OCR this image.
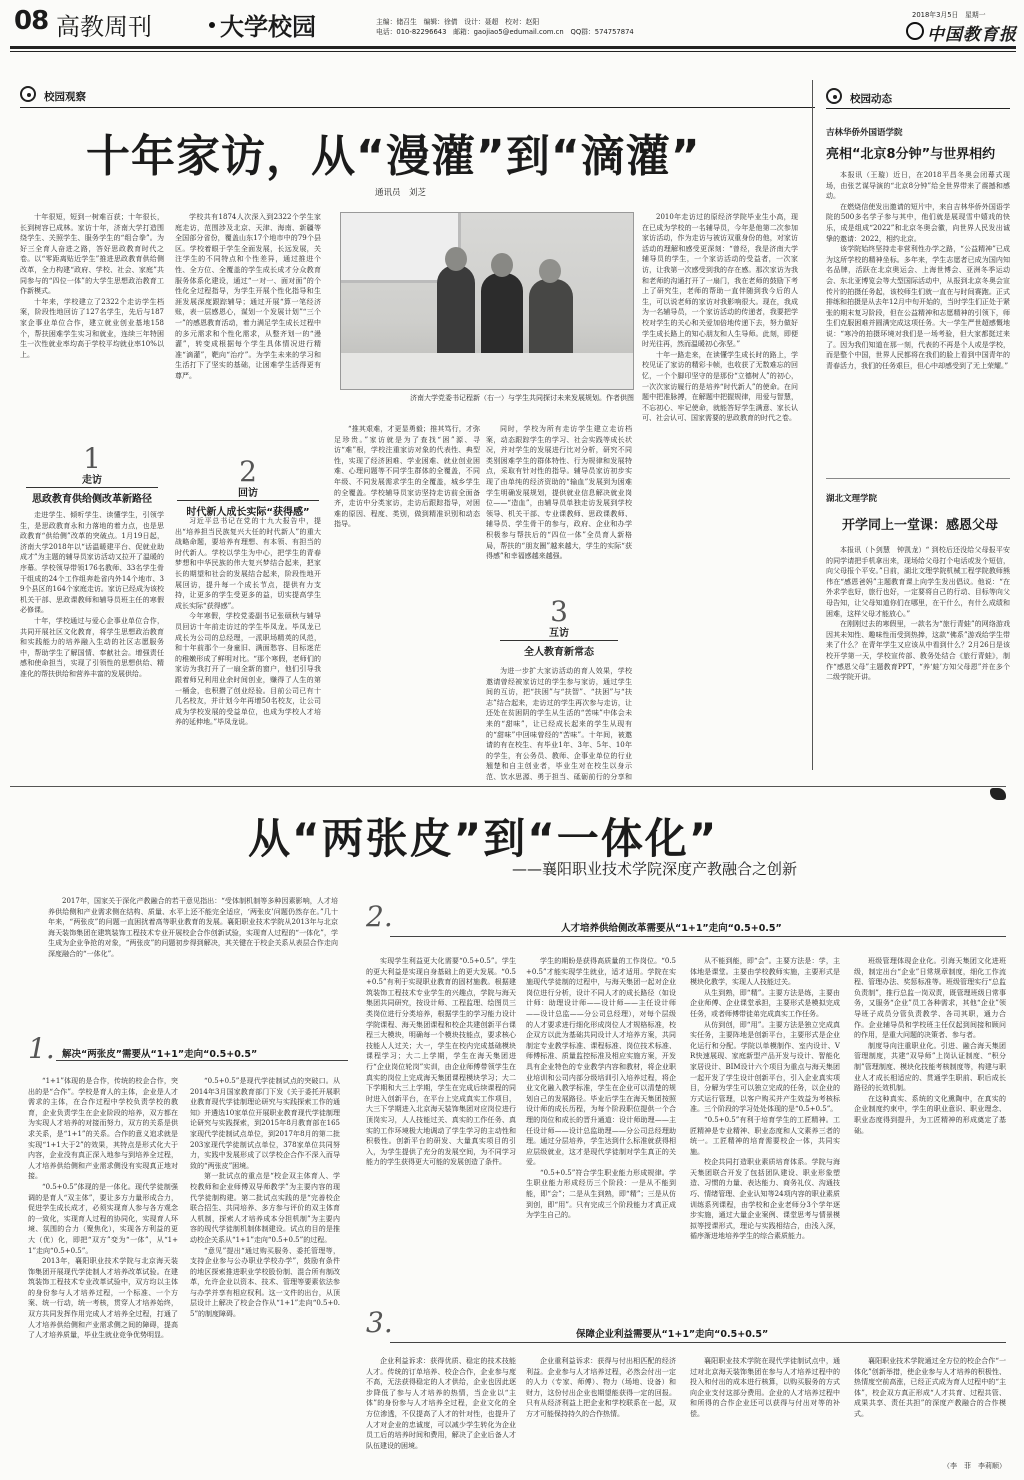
08 高教周刊	大学校园	主编：储召生　编辑：徐倩　设计：聂超　校对：赵阳
电话：010-82296643　邮箱：gaojiao5@edumail.com.cn　QQ群：574757874
2018年3月5日　星期一
中国教育报
校园观察
十年家访，从“漫灌”到“滴灌”
通讯员　刘芝

十年很短，短到一树难百获；十年很长，长到树容已成林。家访十年，济南大学打造围绕学生、关照学生、服务学生的“组合拳”。为好三全育人奋进之路，答好思政教育时代之卷。以“零距离贴近学生”推进思政教育供给侧改革，全力构建“政府、学校、社会、家庭”共同参与的“四位一体”的大学生思想政治教育工作新模式。

十年来，学校建立了2322个走访学生档案，阶段性地回访了127名学生，先后与187家企事业单位合作，建立就业创业基地158个，帮扶困难学生实习和就业，连续三年特困生一次性就业率均高于学校平均就业率10%以上。

1
走访
思政教育供给侧改革新路径

走进学生、倾听学生、读懂学生，引领学生，是思政教育永和力落地的着力点，也是思政教育“供给侧”改革的突破点。1月19日起，济南大学2018年以“话温暖建平台、促就业助成才”为主题的辅导员家访活动又拉开了温暖的序幕。学校领导带领176名教师、33名学生骨干组成的24个工作组奔赴省内外14个地市、39个县区的164个家庭走访。家访已经成为该校机关干部、思政课教师和辅导员班主任的寒假必修课。

十年，学校通过与爱心企事业单位合作，共同开展社区文化教育，将学生思想政治教育和实践能力的培养融入生动的社区志愿服务中，帮助学生了解国情、奉献社会。增强责任感和使命担当，实现了引领性的思想供给、精准化的帮扶供给和营养丰富的发展供给。

学校共有1874人次深入到2322个学生家庭走访，范围涉及北京、天津、海南、新疆等全国部分省份，覆盖山东17个地市中的79个县区。学校着眼于学生全面发展，长远发展，关注学生的不同特点和个性差异，通过推进个性、全方位、全覆盖的学生成长成才分众教育服务体系化建设，通过“一对一、面对面”的个性化全过程指导，为学生开展个性化指导和生涯发展深度跟踪辅导；通过开展“算一笔经济账，表一层感恩心，谋划一个发展计划”“三个一”的感恩教育活动，着力满足学生成长过程中的多元需求和个性化需求，从整齐划一的“漫灌”，转变成根据每个学生具体情况进行精准“滴灌”，靶向“治疗”。为学生未来的学习和生活打下了坚实的基础，让困难学生活得更有尊严。

2
回访
时代新人成长实际“获得感”

习近平总书记在党的十九大报告中，提出“培养担当民族复兴大任的时代新人”的重大战略命题，要培养有理想、有本领、有担当的时代新人。学校以学生为中心，把学生的青春梦想和中华民族的伟大复兴梦结合起来，把家长的期望和社会的发展结合起来，阶段性地开展回访，提升每一个成长节点，提供有力支持，让更多的学生受更多的益，切实提高学生成长实际“获得感”。

今年寒假，学校党委副书记张硕秋与辅导员回访十年前走访过的学生毕凤龙。毕凤龙已成长为公司的总经理，一派职场精英的风范，和十年前那个一身童旧、满面愁容、目标迷茫的稚嫩形成了鲜明对比。“那个寒假，老师们的家访为我打开了一扇全新的窗户，他们引导我跟着师兄利用业余时间创业，赚得了人生的第一桶金，也积攒了创业经验。目前公司已有十几名校友，并计划今年再增50名校友，让公司成为学校发展的受益单位，也成为学校人才培养的延伸地。”毕凤龙说。

济南大学党委书记程新（右一）与学生共同探讨未来发展规划。作者供图

“推其艰难，才更显勇毅；推其笃行，才弥足珍贵。”家访就是为了查找“困”源、寻访“难”根，学校注重家访对象的代表性、典型性，实现了经济困难、学业困难、就业创业困难、心理问题等不同学生群体的全覆盖，不同年级、不同发展需求学生的全覆盖，城乡学生的全覆盖。学校辅导员家访坚持走访前全面备齐，走访中分类家访，走访后跟踪指导，对困难的原因、程度、类别，做到精准识别和动态指导。

同时，学校为所有走访学生建立走访档案，动态跟踪学生的学习、社会实践等成长状况，并对学生的发展进行比对分析，研究不同类别困难学生的群体特性、行为规律和发展特点，采取有针对性的指导。辅导员家访初步实现了由单纯的经济资助的“输血”发展到为困难学生明确发展规划，提供就业信息解决就业岗位——“造血”，由辅导员单独走访发展到学校领导、机关干部、专业课教师、思政课教师、辅导员、学生骨干的参与，政府、企业和办学积极参与帮扶后的“四位一体”全员育人新格局，帮扶的“朋友圈”越来越大，学生的实际“获得感”和幸福感越来越强。

3
互访
全人教育新常态

为进一步扩大家访活动的育人效果，学校邀请曾经被家访过的学生参与家访，通过学生间的互访，把“扶困”与“扶智”、“扶困”与“扶志”结合起来，走访过的学生再次参与走访，让还处在贫困阴的学生从生活的“苦味”中体会未来的“甜味”，让已经成长起来的学生从现有的“甜味”中回味曾经的“苦味”。十年间，被邀请的有在校生、有毕业1年、3年、5年、10年的学生，有公务员、教师、企事业单位的行业翘楚和自主创业者，毕业生对在校生以身示范、饮水思源、勇于担当、砥砺前行的分享和

2010年走访过的原经济学院毕业生小高，现在已成为学校的一名辅导员，今年是他第二次参加家访活动，作为走访与被访双重身份的他，对家访活动的理解和感受更深刻：“曾经，我是济南大学辅导员的学生，一个家访活动的受益者，一次家访，让我第一次感受到我的存在感。那次家访为我和老师的沟通打开了一扇门，我在老师的鼓励下考上了研究生，老师的帮助一直伴随到我今后的人生，可以说老师的家访对我影响很大。现在，我成为一名辅导员，一个家访活动的传递者，我要把学校对学生的关心和关爱加倍地传递下去，努力做好学生成长路上的知心朋友和人生导师。此刻，即便时光往再，然而温暖初心弥坚。”

十年一路走来，在读懂学生成长时的路上，学校见证了家访的精彩卡帧，也收获了无数难忘的回忆，一个个脚印坚守的是那份“立德树人”的初心，一次次家访履行的是培养“时代新人”的使命。在问题中把准脉搏，在解题中把握规律，用爱与智慧，不忘初心、牢记使命，就能答好学生满意、家长认可、社会认可、国家需要的思政教育的时代之卷。

校园动态
吉林华侨外国语学院
亮相“北京8分钟”与世界相约

本报讯（王璇）近日，在2018平昌冬奥会闭幕式现场，由张艺谋导演的“北京8分钟”给全世界带来了震撼和感动。

在燃烧信使发出邀请的短片中，来自吉林华侨外国语学院的500多名学子参与其中，他们就是展现雪中嬉戏的快乐，成是组成“2022”和北京冬奥会徽，向世界人民发出诚挚的邀请：2022，相约北京。

该学院始终坚持走非营利性办学之路，“公益精神”已成为这所学校的精神坐标。多年来，学生志愿者已成为国内知名品牌，活跃在北京奥运会、上海世博会、亚洲冬季运动会、东北亚博览会等大型国际活动中，从报到北京冬奥会宣传片的拍摄任务起，该校师生们就一直在与时间赛跑。正式排练和拍摄是从去年12月中旬开始的，当时学生们正处于紧张的期末复习阶段，但在公益精神和志愿精神的引领下，师生们克服困难并圆满完成这项任务。大一学生严世超感慨地说：“寒冷的拍摄环境对我们是一场考验，但大家都挺过来了。因为我们知道在那一刻，代表的不再是个人或是学校，而是整个中国，世界人民都将在我们的脸上看到中国青年的青春活力，我们的任务艰巨，但心中却感受到了无上荣耀。”

湖北文理学院
开学同上一堂课：感恩父母

本报讯（卜剑慧　钟凯龙）“ 到校后还没给父母报平安的同学请把手机拿出来，现场给父母打个电话或发个短信，向父母报个平安。”日前，湖北文理学院机械工程学院教师熊伟在“感恩爸妈”主题教育课上向学生发出倡议。他说：“在外求学也好，旅行也好，一定要将自己的行动、目标等向父母告知，让父母知道你们在哪里，在干什么，有什么成绩和困难，这样父母才能放心。”

在刚刚过去的寒假里，一款名为“旅行青蛙”的网络游戏因其未知性、趣味性而受到热捧，这款“佛系”游戏给学生带来了什么？在青年学生又应该从中看到什么？2月26日是该校开学第一天，学校宣传部、教务处结合《旅行青蛙》，制作“感恩父母”主题教育PPT，“养‘蛙’方知父母恩”并在多个二级学院开讲。

从“两张皮”到“一体化”
——襄阳职业技术学院深度产教融合之创新

2017年，国家关于深化产教融合的若干意见指出：“受体制机制等多种因素影响，人才培养供给侧和产业需求侧在结构、质量、水平上还不能完全适应，‘两张皮’问题仍然存在。”几十年来，“两张皮”的问题一直困扰着高等职业教育的发展。襄阳职业技术学院从2013年与北京海天装饰集团在建筑装饰工程技术专业开展校企合作创新试验，实现育人过程的“一体化”，学生成为企业争抢的对象，“两张皮”的问题初步得到解决，其关键在于校企关系从表层合作走向深度融合的“一体化”。

1. 解决“两张皮”需要从“1+1”走向“0.5+0.5”
2.	人才培养供给侧改革需要从“1+1”走向“0.5+0.5”

“1+1”体现的是合作，传统的校企合作，突出的是“合作”。学校是育人的主体，企业是人才需求的主体，在合作过程中学校负责学校的教育，企业负责学生在企业阶段的培养，双方都在为实现人才培养的对接而努力，双方的关系是供求关系，是“1+1”的关系。合作的意义追求就是实现“1+1大于2”的效果，其特点是形式化大于内容，企业没有真正深入地参与到培养全过程，人才培养供给侧和产业需求侧没有实现真正地对接。

“0.5+0.5”体现的是一体化。现代学徒制强调的是育人“双主体”，要让多方力量形成合力，促进学生成长成才，必须实现育人参与各方观念的一致化，实现育人过程的协同化，实现育人环境、氛围的合力（聚焦化），实现各方利益的更大（优）化，即把“双方”变为“一体”，从“1+1”走向“0.5+0.5”。

2013年，襄阳职业技术学院与北京海天装饰集团开展现代学徒制人才培养改革试验。在建筑装饰工程技术专业改革试验中，双方均以主体的身份参与人才培养过程，一个标准、一个方案、统一行动，统一考核，贯穿人才培养始终，双方共同发挥作用完成人才培养全过程，打通了人才培养供给侧和产业需求侧之间的障碍，提高了人才培养质量，毕业生就业竞争优势明显。

“0.5+0.5”是现代学徒制试点的突破口。从2014年3月国家教育部门下发《关于委托开展职业教育现代学徒制理论研究与实践探索工作的通知》并遴选10家单位开展职业教育现代学徒制理论研究与实践探索，到2015年8月教育部在165家现代学徒制试点单位，到2017年8月的第二批203家现代学徒制试点单位，378家单位共同努力，实践中发展形成了以学校企合作不深入而导致的“两张皮”困境。

第一批试点的重点是“校企双主体育人、学校教师和企业师傅双导师教学”为主要内容的现代学徒制构建。第二批试点实践的是“完善校企联合招生、共同培养、多方参与评价的双主体育人机制，探索人才培养成本分担机制”为主要内容的现代学徒制机制体制建设。试点的目的是推动校企关系从“1+1”走向“0.5+0.5”的过程。

“意见”提出“通过购买服务、委托管理等，支持企业参与公办职业学校办学”，鼓励有条件的地区探索推进职业学校股份制、混合所有制改革，允许企业以资本、技术、管理等要素依法参与办学并享有相应权利。这一文件的出台，从顶层设计上解决了校企合作从“1+1”走向“0.5+0.5”的制度障碍。

实现学生利益更大化需要“0.5+0.5”。学生的更大利益是实现自身基础上的更大发展。“0.5+0.5”有利于实现职业教育的固材施教。根据建筑装饰工程技术专业学生的兴趣点，学院与海天集团共同研究，按设计师、工程监理、绘图员三类岗位进行分类培养，根据学生的学习能力设计学院课程、海天集团课程和校企共建创新平台课程三大模块，明确每一个模块技能点，要求核心技能人人过关；大一，学生在校内完成基础模块课程学习；大二上学期，学生在海天集团进行“企业岗位轮岗”实训，由企业师傅带领学生在真实的岗位上完成海天集团课程模块学习；大二下学期和大三上学期，学生在完成后续课程的同时进入创新平台，在平台上完成真实工作项目，大三下学期进入北京海天装饰集团对应岗位进行顶岗实习，人人技能过关、真实的工作任务、真实的工作环境极大地调动了学生学习的主动性和积极性。创新平台的研发、大量真实项目的引入，为学生提供了充分的发展空间，为不同学习能力的学生获得更大可能的发展创造了条件。

学生的期盼是获得高质量的工作岗位。“0.5+0.5”才能实现学生就业，适才适用。学院在实施现代学徒制的过程中，与海天集团一起对企业岗位进行分析，设计不同人才的成长路径（如设计师：助理设计师——设计师——主任设计师——设计总监——分公司总经理），对每个层级的人才要求进行细化形成岗位人才规格标准，校企双方以此为基础共同设计人才培养方案，共同制定专业教学标准、课程标准、岗位技术标准、师傅标准、质量监控标准及相应实施方案，开发具有企业特色的专业教学内容和教材，将企业职业培训和公司内部分级培训引入培养过程，将企业文化融入教学标准，学生在企业可以清楚的规划自己的发展路径。毕业后学生在海天集团按照设计师的成长历程，为每个阶段职位提供一个合理的岗位和成长的晋升通道：设计师助理——主任设计师——设计总监助理——分公司总经理助理。通过分层培养，学生达到什么标准就获得相应层级就业，这才是现代学徒制对学生真正的关爱。

“0.5+0.5”符合学生职业能力形成规律。学生职业能力形成经历三个阶段：一是从不能到能，即“会”；二是从生到熟，即“精”；三是从仿到创，即“用”。只有完成三个阶段能力才真正成为学生自己的。

从不能到能，即“会”。主要方法是：学，主体地是课堂。主要由学校教师实施，主要形式是模块化教学，实现人人技能过关。

从生到熟，即“精”。主要方法是练，主要由企业师傅、企业课堂承担，主要形式是模拟完成任务，或者师傅带徒弟完成真实工作任务。

从仿到创，即“用”。主要方法是独立完成真实任务，主要阵地是创新平台，主要形式是企业化运行和分配。学院以单模制作、室内设计、VR快速展现、家庭新型产品开发与设计、智能化家居设计、BIM设计六个项目为重点与海天集团一起开发了学生设计创新平台，引入企业真实项目，分解为学生可以独立完成的任务，以企业的方式运行管理，以客户购买并产生效益为考核标准。三个阶段的学习处处体现的是“0.5+0.5”。

“0.5+0.5”有利于培育学生的工匠精神。工匠精神是专业精神、职业态度和人文素养三者的统一。工匠精神的培育需要校企一体，共同实施。

校企共同打造职业素质培育体系。学院与海天集团联合开发了包括团队建设、职业形象塑造、习惯的力量、表达能力、商务礼仪、沟通技巧、情绪管理、企业认知等24项内容的职业素质训练系列课程，由学校和企业老师分3个学年逐步实施，通过大量企业案例、课堂思考与情景模拟等授课形式，理论与实践相结合，由浅入深，循序渐进地培养学生的综合素质能力。

班级管理体现企业化。引海天集团文化进班级，制定出台“企业”日常规章制度，细化工作流程、管理办法、奖惩标准等。班级管理实行“总监负责制”，推行总监一岗双责，既管理班级日常事务，又服务“企业”员工各种需求，其他“企业”领导班子成员分管负责教学、各司其职，通力合作。企业辅导员和学校班主任仅起到间接和顾问的作用，是重大问题的决策者、参与者。

制度导向注重职业化。引进、融合海天集团管理制度，共建“双导师”上岗认证制度、“积分制”管理制度、模块化技能考核制度等，构建与职业人才成长相适应的、贯通学生职前、职后成长路径的长效机制。

在这种真实、系统的文化熏陶中，在真实的企业制度约束中，学生的职业意识、职业理念、职业态度得到提升，为工匠精神的形成奠定了基础。

3.	保障企业利益需要从“1+1”走向“0.5+0.5”

企业利益诉求：获得优质、稳定的技术技能人才。传统的订单培养、校企合作，企业参与度不高，无法获得稳定的人才供给，企业也因此逐步降低了参与人才培养的热情，当企业以“主体”的身份参与人才培养全过程，企业文化的全方位渗透，不仅提高了人才的针对性，也提升了人才对企业的忠诚度，可以减少学生转化为企业员工后的培养时间和费用，解决了企业后备人才队伍建设的困境。

企业重利益诉求：获得与付出相匹配的经济利益。企业参与人才培养过程，必然会付出一定的人力（专家、师傅）、物力（场地、设备）和财力，这份付出企业也期望能获得一定的回报。只有从经济利益上把企业和学校联系在一起，双方才可能保持持久的合作热情。

襄阳职业技术学院在现代学徒制试点中，通过对北京海天装饰集团在参与人才培养过程中的投入和付出的成本进行核算，以购买服务的方式向企业支付这部分费用。企业的人才培养过程中和所得的合作企业还可以获得与付出对等的补偿。

襄阳职业技术学院通过全方位的校企合作“一体化”创新举措，使企业参与人才培养的积极性、热情度空前高涨，已经正式成为育人过程中的“主体”，校企双方真正形成“人才共育、过程共管、成果共享、责任共担”的深度产教融合的合作模式。

（李　菲　李莉顺）
